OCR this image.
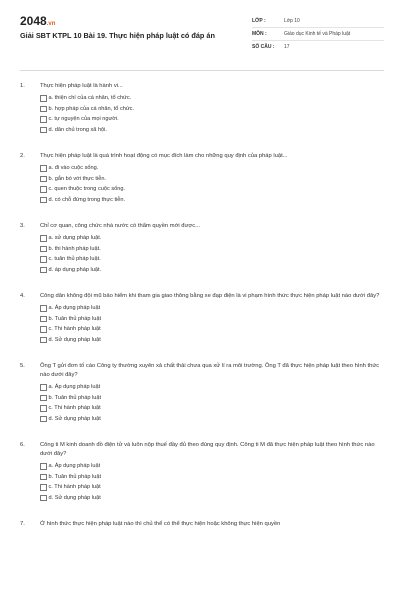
2048.vn
Giải SBT KTPL 10 Bài 19. Thực hiện pháp luật có đáp án
LỚP :	Lớp 10
MÔN :	Giáo dục Kinh tế và Pháp luật
SỐ CÂU :	17
1.	Thực hiện pháp luật là hành vi...
a. thiện chí của cá nhân, tổ chức.
b. hợp pháp của cá nhân, tổ chức.
c. tự nguyện của mọi người.
d. dân chủ trong xã hội.
2.	Thực hiện pháp luật là quá trình hoạt động có mục đích làm cho những quy định của pháp luật...
a. đi vào cuộc sống.
b. gắn bó với thực tiễn.
c. quen thuộc trong cuộc sống.
d. có chỗ đứng trong thực tiễn.
3.	Chỉ cơ quan, công chức nhà nước có thẩm quyền mới được...
a. sử dụng pháp luật.
b. thi hành pháp luật.
c. tuân thủ pháp luật.
d. áp dụng pháp luật.
4.	Công dân không đội mũ bảo hiểm khi tham gia giao thông bằng xe đạp điện là vi phạm hình thức thực hiện pháp luật nào dưới đây?
a. Áp dụng pháp luật
b. Tuân thủ pháp luật
c. Thi hành pháp luật
d. Sử dụng pháp luật
5.	Ông T gửi đơn tố cáo Công ty thường xuyên xả chất thải chưa qua xử lí ra môi trường. Ông T đã thực hiện pháp luật theo hình thức nào dưới đây?
a. Áp dụng pháp luật
b. Tuân thủ pháp luật
c. Thi hành pháp luật
d. Sử dụng pháp luật
6.	Công ti M kinh doanh đồ điện tử và luôn nộp thuế đầy đủ theo đúng quy định. Công ti M đã thực hiện pháp luật theo hình thức nào dưới đây?
a. Áp dụng pháp luật
b. Tuân thủ pháp luật
c. Thi hành pháp luật
d. Sử dụng pháp luật
7.	Ở hình thức thực hiện pháp luật nào thì chủ thể có thể thực hiện hoặc không thực hiện quyền
